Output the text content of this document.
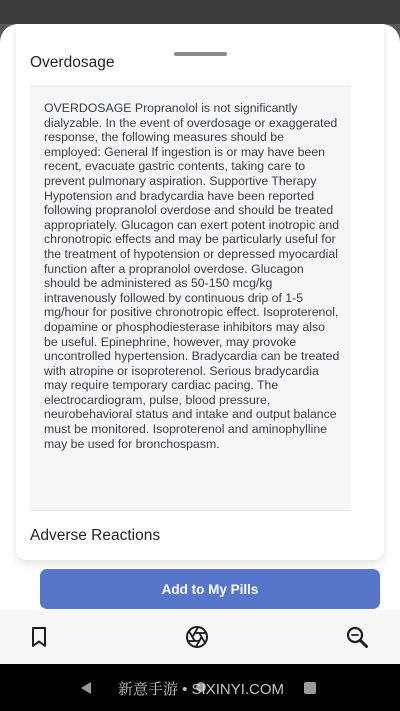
Overdosage

OVERDOSAGE Propranolol is not significantly dialyzable. In the event of overdosage or exaggerated response, the following measures should be employed: General If ingestion is or may have been recent, evacuate gastric contents, taking care to prevent pulmonary aspiration. Supportive Therapy Hypotension and bradycardia have been reported following propranolol overdose and should be treated appropriately. Glucagon can exert potent inotropic and chronotropic effects and may be particularly useful for the treatment of hypotension or depressed myocardial function after a propranolol overdose. Glucagon should be administered as 50-150 mcg/kg intravenously followed by continuous drip of 1-5 mg/hour for positive chronotropic effect. Isoproterenol, dopamine or phosphodiesterase inhibitors may also be useful. Epinephrine, however, may provoke uncontrolled hypertension. Bradycardia can be treated with atropine or isoproterenol. Serious bradycardia may require temporary cardiac pacing. The electrocardiogram, pulse, blood pressure, neurobehavioral status and intake and output balance must be monitored. Isoproterenol and aminophylline may be used for bronchospasm.

Adverse Reactions
Add to My Pills
新意手游 • SIXINYI.COM
